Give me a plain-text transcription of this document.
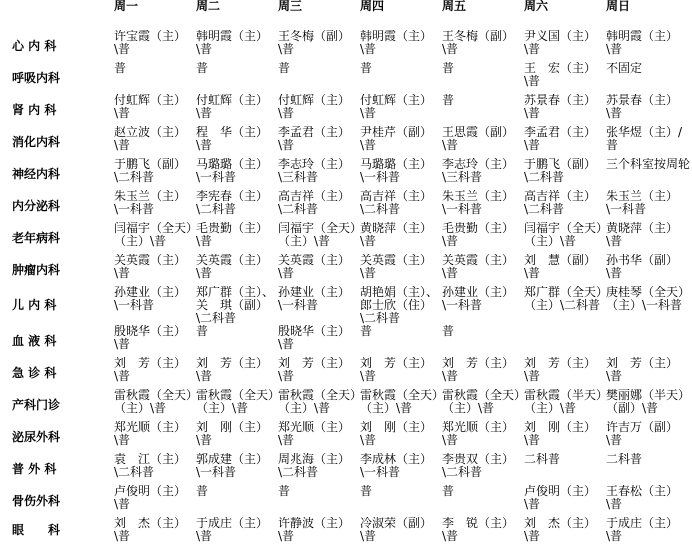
	周一	周二	周三	周四	周五	周六	周日
心 内 科	许宝霞（主）\普	韩明霞（主）\普	王冬梅（副）\普	韩明霞（主）\普	王冬梅（副）\普	尹义国（主）\普	韩明霞（主）\普
呼吸内科	普	普	普	普	普	王　宏（主）\普	不固定
肾 内 科	付虹辉（主）\普	付虹辉（主）\普	付虹辉（主）\普	付虹辉（主）\普	普	苏景春（主）\普	苏景春（主）\普
消化内科	赵立波（主）\普	程　华（主）\普	李孟君（主）\普	尹桂芹（副）\普	王思霞（副）\普	李孟君（主）\普	张华煜（主）/普
神经内科	于鹏飞（副）\二科普	马璐璐（主）\一科普	李志玲（主）\三科普	马璐璐（主）\一科普	李志玲（主）\三科普	于鹏飞（副）\二科普	三个科室按周轮
内分泌科	朱玉兰（主）\一科普	李宪春（主）\二科普	高吉祥（主）\二科普	高吉祥（主）\二科普	朱玉兰（主）\一科普	高吉祥（主）\二科普	朱玉兰（主）\一科普
老年病科	闫福宇（全天）（主）\普	毛贵勤（主）\普	闫福宇（全天）（主）\普	黄晓萍（主）\普	毛贵勤（主）\普	闫福宇（全天）（主）\普	黄晓萍（主）\普
肿瘤内科	关英霞（主）\普	关英霞（主）\普	关英霞（主）\普	关英霞（主）\普	关英霞（主）\普	刘　慧（副）\普	孙书华（副）\普
儿 内 科	孙建业（主）\一科普	郑广群（主）、关　琪（副）\二科普	孙建业（主）\一科普	胡艳娟（主）、郎士欣（住）\二科普	孙建业（主）\一科普	郑广群（全天）（主）\二科普	庚桂琴（全天）（主）\一科普
血 液 科	殷晓华（主）\普	普	殷晓华（主）\普	普	普		
急 诊 科	刘　芳（主）\普	刘　芳（主）\普	刘　芳（主）\普	刘　芳（主）\普	刘　芳（主）\普	刘　芳（主）\普	刘　芳（主）\普
产科门诊	雷秋霞（全天）（主）\普	雷秋霞（全天）（主）\普	雷秋霞（全天）（主）\普	雷秋霞（全天）（主）\普	雷秋霞（全天）（主）\普	雷秋霞（半天）（主）\普	樊丽娜（半天）（副）\普
泌尿外科	郑光顺（主）\普	刘　刚（主）\普	郑光顺（主）\普	刘　刚（主）\普	郑光顺（主）\普	刘　刚（主）\普	许吉万（副）\普
普 外 科	袁　江（主）\二科普	郭成建（主）\一科普	周兆海（主）\二科普	李成林（主）\一科普	李贵双（主）\二科普	二科普	二科普
骨伤外科	卢俊明（主）\普	普	普	普	普	卢俊明（主）\普	王春松（主）\普
眼　　科	刘　杰（主）\普	于成庄（主）\普	许静波（主）\普	冷淑荣（副）\普	李　锐（主）\普	刘　杰（主）\普	于成庄（主）\普
